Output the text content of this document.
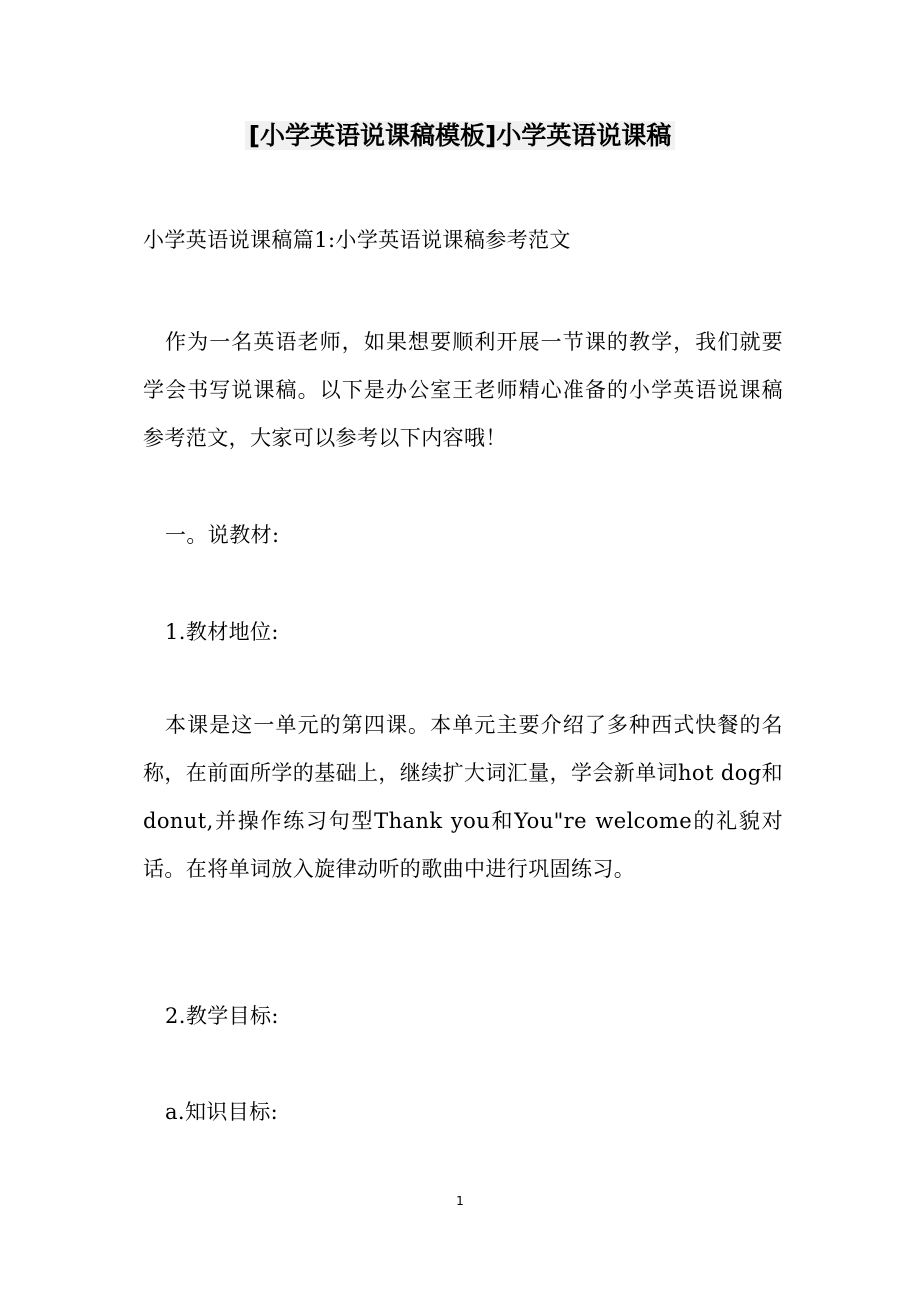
[小学英语说课稿模板]小学英语说课稿

小学英语说课稿篇1:小学英语说课稿参考范文

作为一名英语老师，如果想要顺利开展一节课的教学，我们就要学会书写说课稿。以下是办公室王老师精心准备的小学英语说课稿参考范文，大家可以参考以下内容哦！

一。说教材:

1.教材地位:

本课是这一单元的第四课。本单元主要介绍了多种西式快餐的名称，在前面所学的基础上，继续扩大词汇量，学会新单词hot dog和donut,并操作练习句型Thank you和You"re welcome的礼貌对话。在将单词放入旋律动听的歌曲中进行巩固练习。

2.教学目标:

a.知识目标:

1
